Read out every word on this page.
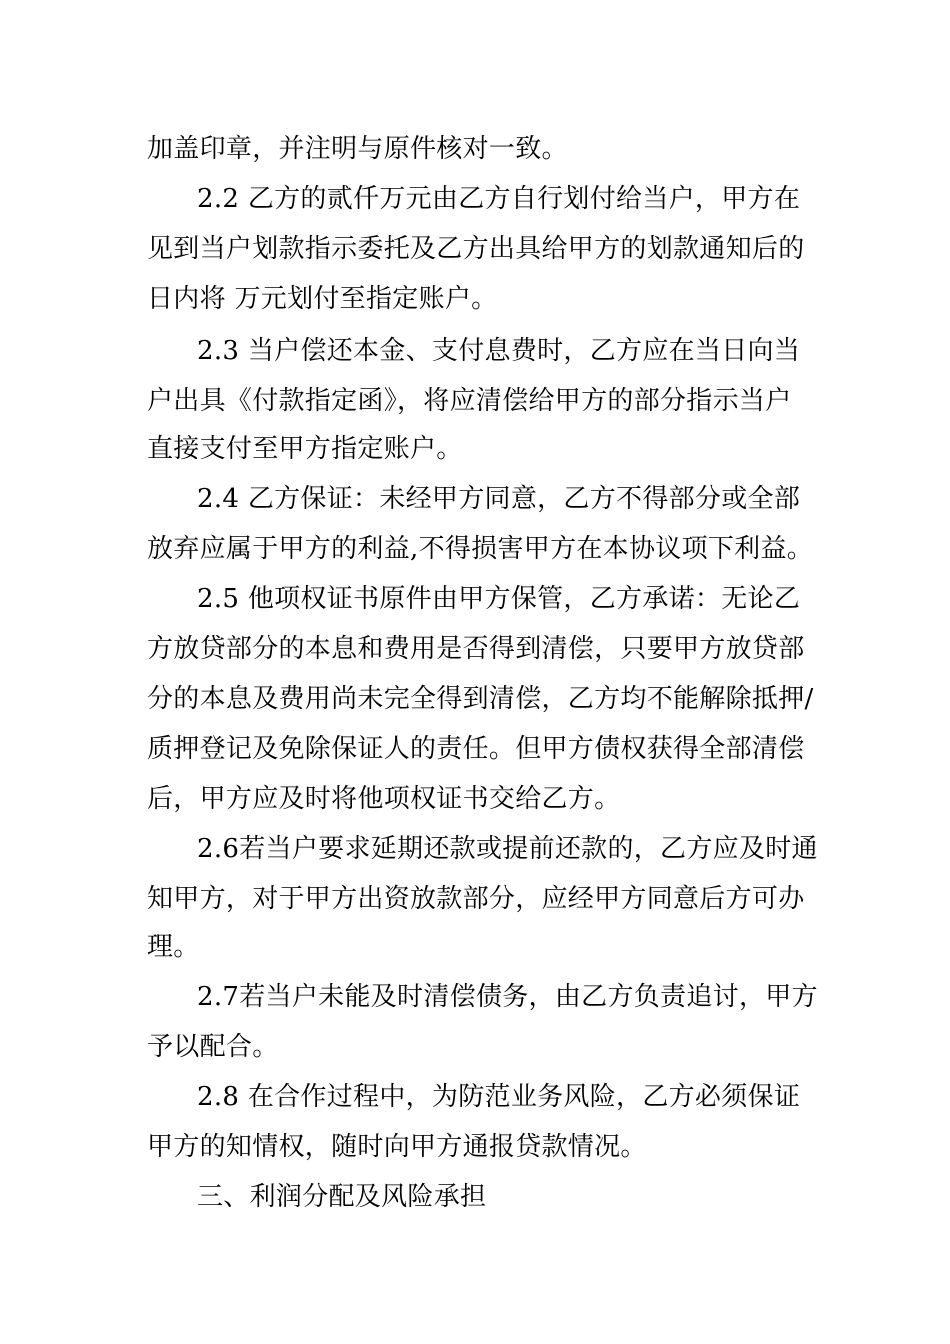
加盖印章，并注明与原件核对一致。
2.2 乙方的贰仟万元由乙方自行划付给当户，甲方在
见到当户划款指示委托及乙方出具给甲方的划款通知后的
日内将 万元划付至指定账户。
2.3 当户偿还本金、支付息费时，乙方应在当日向当
户出具《付款指定函》，将应清偿给甲方的部分指示当户
直接支付至甲方指定账户。
2.4 乙方保证：未经甲方同意，乙方不得部分或全部
放弃应属于甲方的利益,不得损害甲方在本协议项下利益。
2.5 他项权证书原件由甲方保管，乙方承诺：无论乙
方放贷部分的本息和费用是否得到清偿，只要甲方放贷部
分的本息及费用尚未完全得到清偿，乙方均不能解除抵押/
质押登记及免除保证人的责任。但甲方债权获得全部清偿
后，甲方应及时将他项权证书交给乙方。
2.6若当户要求延期还款或提前还款的，乙方应及时通
知甲方，对于甲方出资放款部分，应经甲方同意后方可办
理。
2.7若当户未能及时清偿债务，由乙方负责追讨，甲方
予以配合。
2.8 在合作过程中，为防范业务风险，乙方必须保证
甲方的知情权，随时向甲方通报贷款情况。
三、利润分配及风险承担
